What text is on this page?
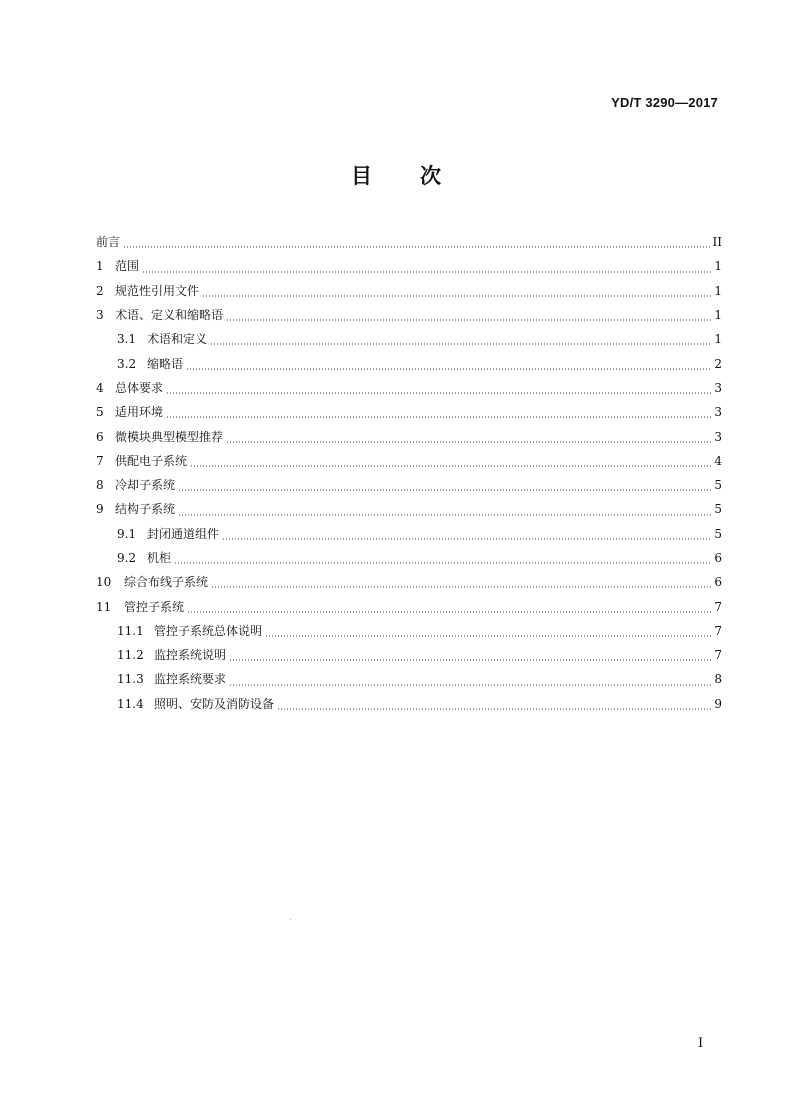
YD/T 3290—2017
目 次
前言	II
1 范围	1
2 规范性引用文件	1
3 术语、定义和缩略语	1
3.1 术语和定义	1
3.2 缩略语	2
4 总体要求	3
5 适用环境	3
6 微模块典型模型推荐	3
7 供配电子系统	4
8 冷却子系统	5
9 结构子系统	5
9.1 封闭通道组件	5
9.2 机柜	6
10	综合布线子系统	6
11	管控子系统	7
11.1 管控子系统总体说明	7
11.2 监控系统说明	7
11.3 监控系统要求	8
11.4 照明、安防及消防设备	9
I
